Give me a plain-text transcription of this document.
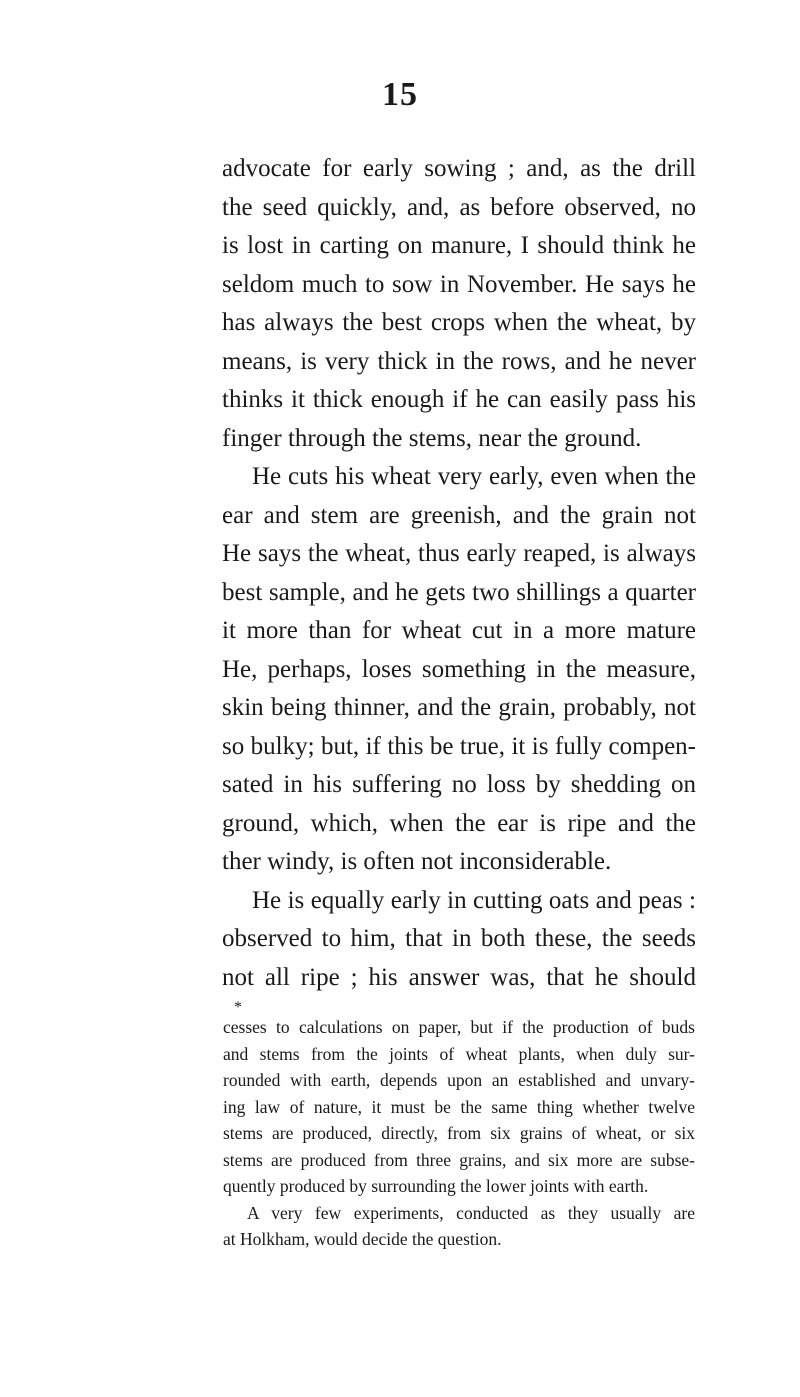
15
advocate for early sowing ; and, as the drill
the seed quickly, and, as before observed, no
is lost in carting on manure, I should think he
seldom much to sow in November. He says he
has always the best crops when the wheat, by
means, is very thick in the rows, and he never
thinks it thick enough if he can easily pass his
finger through the stems, near the ground.
He cuts his wheat very early, even when the
ear and stem are greenish, and the grain not
He says the wheat, thus early reaped, is always
best sample, and he gets two shillings a quarter
it more than for wheat cut in a more mature
He, perhaps, loses something in the measure,
skin being thinner, and the grain, probably, not
so bulky; but, if this be true, it is fully compen-
sated in his suffering no loss by shedding on
ground, which, when the ear is ripe and the
ther windy, is often not inconsiderable.
He is equally early in cutting oats and peas :
observed to him, that in both these, the seeds
not all ripe ; his answer was, that he should
*
cesses to calculations on paper, but if the production of buds
and stems from the joints of wheat plants, when duly sur-
rounded with earth, depends upon an established and unvary-
ing law of nature, it must be the same thing whether twelve
stems are produced, directly, from six grains of wheat, or six
stems are produced from three grains, and six more are subse-
quently produced by surrounding the lower joints with earth.
A very few experiments, conducted as they usually are
at Holkham, would decide the question.
